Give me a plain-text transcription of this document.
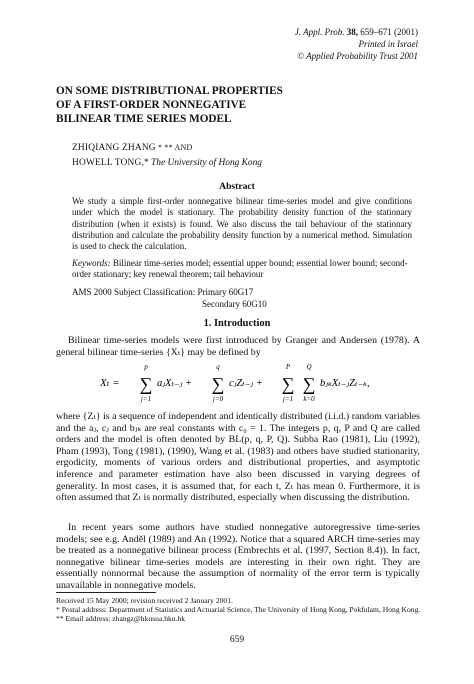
J. Appl. Prob. 38, 659–671 (2001)
Printed in Israel
© Applied Probability Trust 2001
ON SOME DISTRIBUTIONAL PROPERTIES
OF A FIRST-ORDER NONNEGATIVE
BILINEAR TIME SERIES MODEL
ZHIQIANG ZHANG * ** AND
HOWELL TONG,* The University of Hong Kong
Abstract
We study a simple first-order nonnegative bilinear time-series model and give conditions under which the model is stationary. The probability density function of the stationary distribution (when it exists) is found. We also discuss the tail behaviour of the stationary distribution and calculate the probability density function by a numerical method. Simulation is used to check the calculation.
Keywords: Bilinear time-series model; essential upper bound; essential lower bound; second-order stationary; key renewal theorem; tail behaviour
AMS 2000 Subject Classification: Primary 60G17
Secondary 60G10
1. Introduction
Bilinear time-series models were first introduced by Granger and Andersen (1978). A general bilinear time-series {Xₜ} may be defined by
Xₜ =
p
∑
j=1
aⱼXₜ₋ⱼ +
q
∑
j=0
cⱼZₜ₋ⱼ +
P
∑
j=1
Q
∑
k=0
bⱼₖXₜ₋ⱼZₜ₋ₖ,
where {Zₜ} is a sequence of independent and identically distributed (i.i.d.) random variables and the aⱼ, cⱼ and bⱼₖ are real constants with c₀ = 1. The integers p, q, P and Q are called orders and the model is often denoted by BL(p, q, P, Q). Subba Rao (1981), Liu (1992), Pham (1993), Tong (1981), (1990), Wang et al. (1983) and others have studied stationarity, ergodicity, moments of various orders and distributional properties, and asymptotic inference and parameter estimation have also been discussed in varying degrees of generality. In most cases, it is assumed that, for each t, Zₜ has mean 0. Furthermore, it is often assumed that Zₜ is normally distributed, especially when discussing the distribution.
In recent years some authors have studied nonnegative autoregressive time-series models; see e.g. Anděl (1989) and An (1992). Notice that a squared ARCH time-series may be treated as a nonnegative bilinear process (Embrechts et al. (1997, Section 8.4)). In fact, nonnegative bilinear time-series models are interesting in their own right. They are essentially nonnormal because the assumption of normality of the error term is typically unavailable in nonnegative models.
Received 15 May 2000; revision received 2 January 2001.
* Postal address: Department of Statistics and Actuarial Science, The University of Hong Kong, Pokfulam, Hong Kong.
** Email address: zhangz@hkusua.hku.hk
659
